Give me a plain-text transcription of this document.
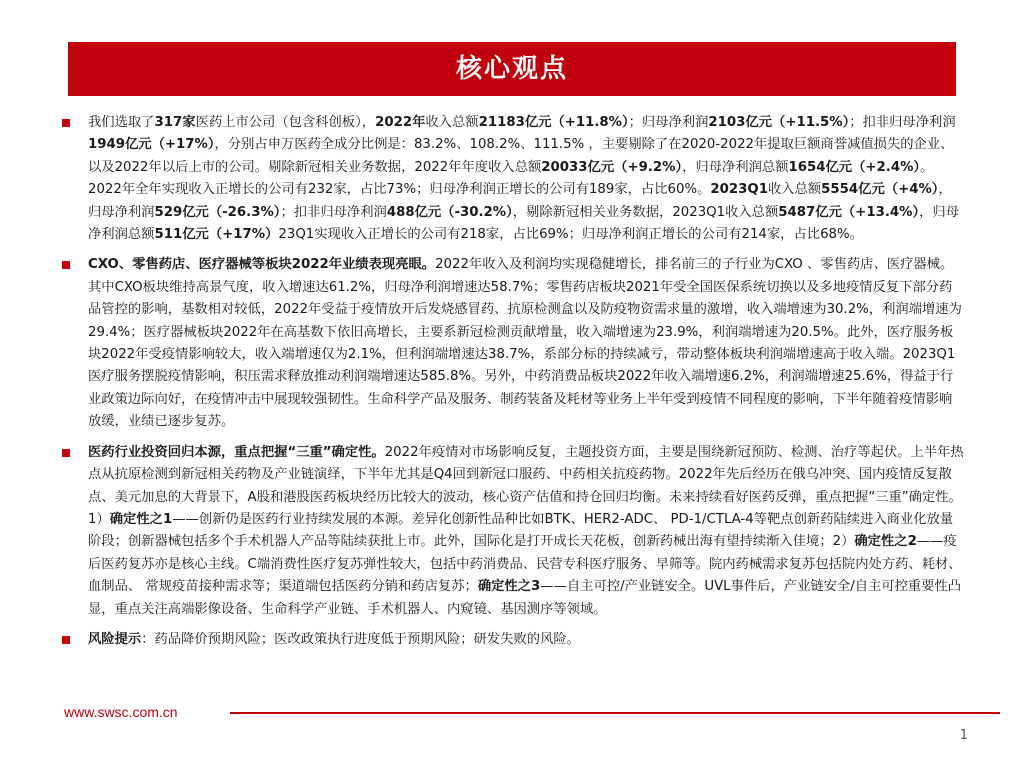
核心观点
我们选取了317家医药上市公司（包含科创板），2022年收入总额21183亿元（+11.8%）；归母净利润2103亿元（+11.5%）；扣非归母净利润1949亿元（+17%），分别占申万医药全成分比例是：83.2%、108.2%、111.5% ，主要剔除了在2020-2022年提取巨额商誉减值损失的企业、以及2022年以后上市的公司。剔除新冠相关业务数据，2022年年度收入总额20033亿元（+9.2%），归母净利润总额1654亿元（+2.4%）。2022年全年实现收入正增长的公司有232家，占比73%；归母净利润正增长的公司有189家，占比60%。2023Q1收入总额5554亿元（+4%），归母净利润529亿元（-26.3%）；扣非归母净利润488亿元（-30.2%），剔除新冠相关业务数据，2023Q1收入总额5487亿元（+13.4%），归母净利润总额511亿元（+17%）23Q1实现收入正增长的公司有218家，占比69%；归母净利润正增长的公司有214家，占比68%。
CXO、零售药店、医疗器械等板块2022年业绩表现亮眼。2022年收入及利润均实现稳健增长，排名前三的子行业为CXO 、零售药店、医疗器械。其中CXO板块维持高景气度，收入增速达61.2%，归母净利润增速达58.7%；零售药店板块2021年受全国医保系统切换以及多地疫情反复下部分药品管控的影响，基数相对较低，2022年受益于疫情放开后发烧感冒药、抗原检测盒以及防疫物资需求量的激增，收入端增速为30.2%，利润端增速为29.4%；医疗器械板块2022年在高基数下依旧高增长，主要系新冠检测贡献增量，收入端增速为23.9%，利润端增速为20.5%。此外，医疗服务板块2022年受疫情影响较大，收入端增速仅为2.1%，但利润端增速达38.7%，系部分标的持续减亏，带动整体板块利润端增速高于收入端。2023Q1医疗服务摆脱疫情影响，积压需求释放推动利润端增速达585.8%。另外，中药消费品板块2022年收入端增速6.2%，利润端增速25.6%，得益于行业政策边际向好，在疫情冲击中展现较强韧性。生命科学产品及服务、制药装备及耗材等业务上半年受到疫情不同程度的影响，下半年随着疫情影响放缓，业绩已逐步复苏。
医药行业投资回归本源，重点把握“三重”确定性。2022年疫情对市场影响反复，主题投资方面，主要是围绕新冠预防、检测、治疗等起伏。上半年热点从抗原检测到新冠相关药物及产业链演绎，下半年尤其是Q4回到新冠口服药、中药相关抗疫药物。2022年先后经历在俄乌冲突、国内疫情反复散点、美元加息的大背景下，A股和港股医药板块经历比较大的波动，核心资产估值和持仓回归均衡。未来持续看好医药反弹，重点把握“三重”确定性。1）确定性之1——创新仍是医药行业持续发展的本源。差异化创新性品种比如BTK、HER2-ADC、 PD-1/CTLA-4等靶点创新药陆续进入商业化放量阶段；创新器械包括多个手术机器人产品等陆续获批上市。此外，国际化是打开成长天花板，创新药械出海有望持续渐入佳境；2）确定性之2——疫后医药复苏亦是核心主线。C端消费性医疗复苏弹性较大，包括中药消费品、民营专科医疗服务、早筛等。院内药械需求复苏包括院内处方药、耗材、血制品、 常规疫苗接种需求等；渠道端包括医药分销和药店复苏；确定性之3——自主可控/产业链安全。UVL事件后，产业链安全/自主可控重要性凸显，重点关注高端影像设备、生命科学产业链、手术机器人、内窥镜、基因测序等领域。
风险提示：药品降价预期风险；医改政策执行进度低于预期风险；研发失败的风险。
www.swsc.com.cn
1
